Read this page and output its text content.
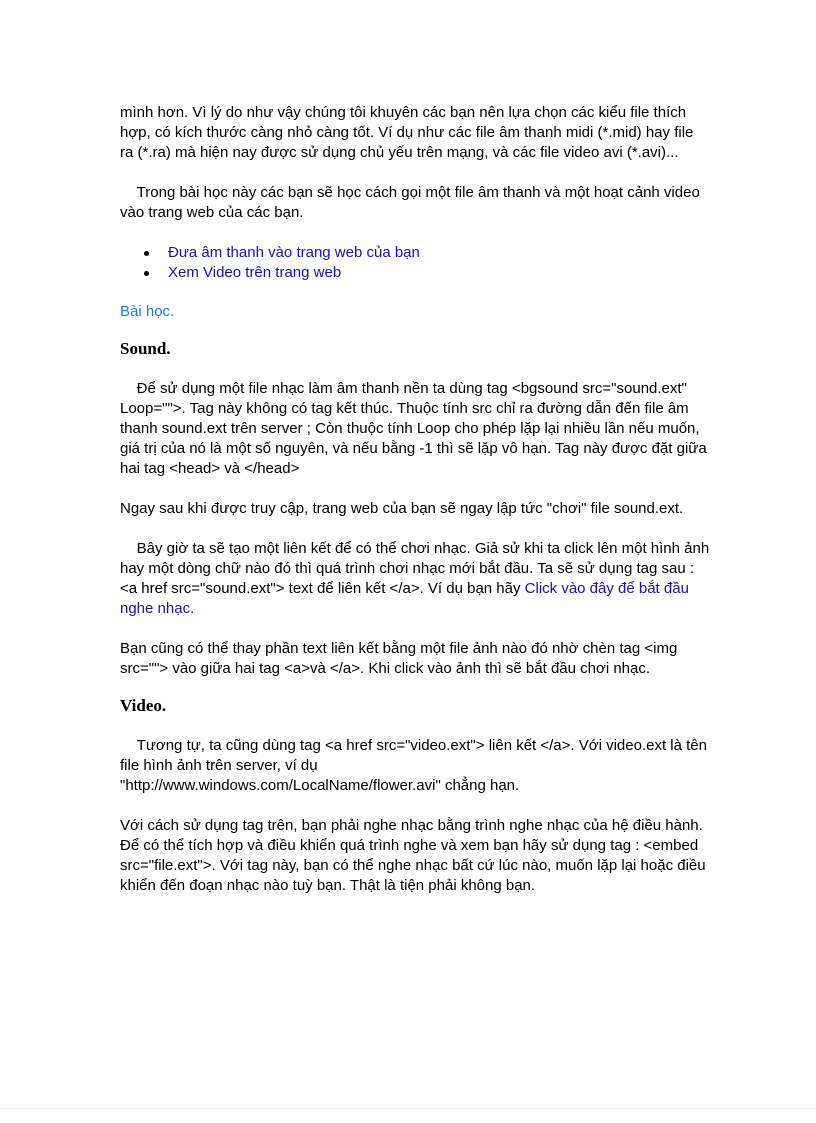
mình hơn. Vì lý do như vậy chúng tôi khuyên các bạn nên lựa chọn các kiểu file thích hợp, có kích thước càng nhỏ càng tốt. Ví dụ như các file âm thanh midi (*.mid) hay file ra (*.ra) mà hiện nay được sử dụng chủ yếu trên mạng, và các file video avi (*.avi)...

Trong bài học này các bạn sẽ học cách gọi một file âm thanh và một hoạt cảnh video vào trang web của các bạn.

Đưa âm thanh vào trang web của bạn
Xem Video trên trang web

Bài học.

Sound.

Để sử dụng một file nhạc làm âm thanh nền ta dùng tag <bgsound src="sound.ext" Loop="">. Tag này không có tag kết thúc. Thuộc tính src chỉ ra đường dẫn đến file âm thanh sound.ext trên server ; Còn thuộc tính Loop cho phép lặp lại nhiều lần nếu muốn, giá trị của nó là một số nguyên, và nếu bằng -1 thì sẽ lặp vô hạn. Tag này được đặt giữa hai tag <head> và </head>

Ngay sau khi được truy cập, trang web của bạn sẽ ngay lập tức "chơi" file sound.ext.

Bây giờ ta sẽ tạo một liên kết để có thể chơi nhạc. Giả sử khi ta click lên một hình ảnh hay một dòng chữ nào đó thì quá trình chơi nhạc mới bắt đầu. Ta sẽ sử dụng tag sau : <a href src="sound.ext"> text để liên kết </a>. Ví dụ bạn hãy Click vào đây để bắt đầu nghe nhạc.

Bạn cũng có thể thay phần text liên kết bằng một file ảnh nào đó nhờ chèn tag <img src=""> vào giữa hai tag <a>và </a>. Khi click vào ảnh thì sẽ bắt đầu chơi nhạc.

Video.

Tương tự, ta cũng dùng tag <a href src="video.ext"> liên kết </a>. Với video.ext là tên file hình ảnh trên server, ví dụ
"http://www.windows.com/LocalName/flower.avi" chẳng hạn.

Với cách sử dụng tag trên, bạn phải nghe nhạc bằng trình nghe nhạc của hệ điều hành. Để có thể tích hợp và điều khiển quá trình nghe và xem bạn hãy sử dụng tag : <embed src="file.ext">. Với tag này, bạn có thể nghe nhạc bất cứ lúc nào, muốn lặp lại hoặc điều khiển đến đoạn nhạc nào tuỳ bạn. Thật là tiện phải không bạn.
